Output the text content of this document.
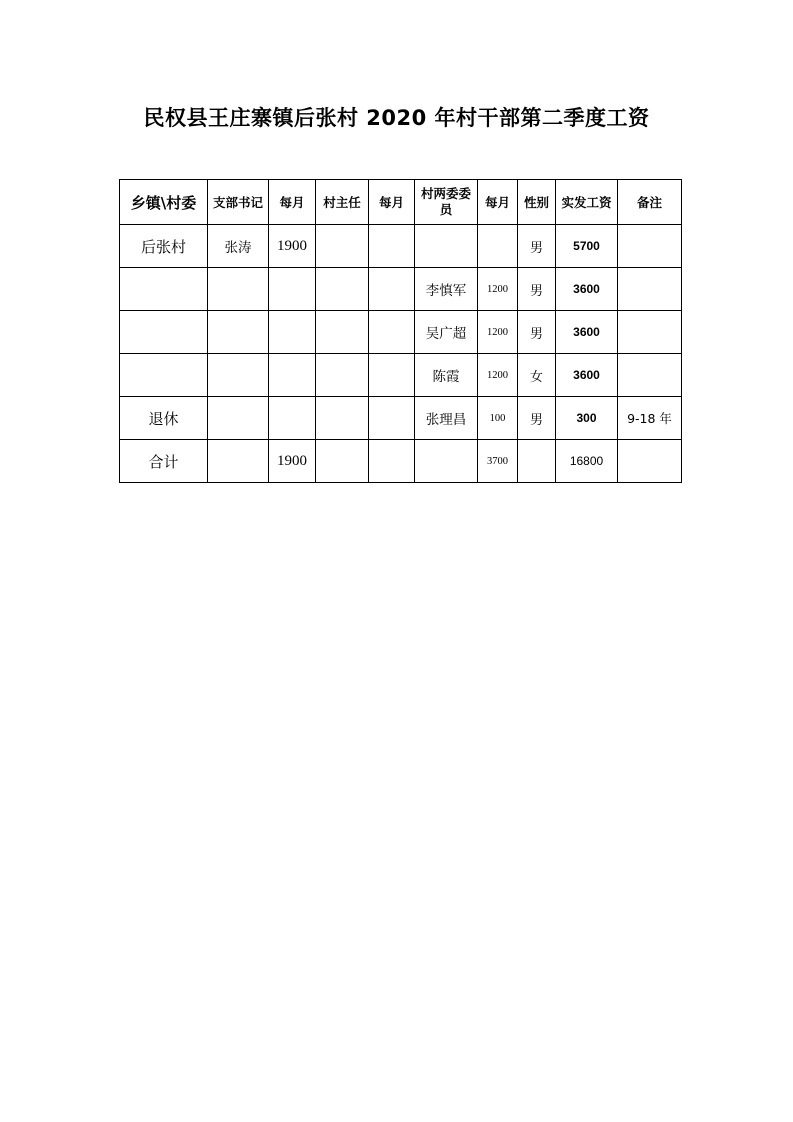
民权县王庄寨镇后张村 2020 年村干部第二季度工资
乡镇\村委	支部书记	每月	村主任	每月	村两委委员	每月	性别	实发工资	备注
后张村	张涛	1900					男	5700	
					李慎军	1200	男	3600	
					吴广超	1200	男	3600	
					陈霞	1200	女	3600	
退休					张理昌	100	男	300	9-18 年
合计		1900				3700		16800	
